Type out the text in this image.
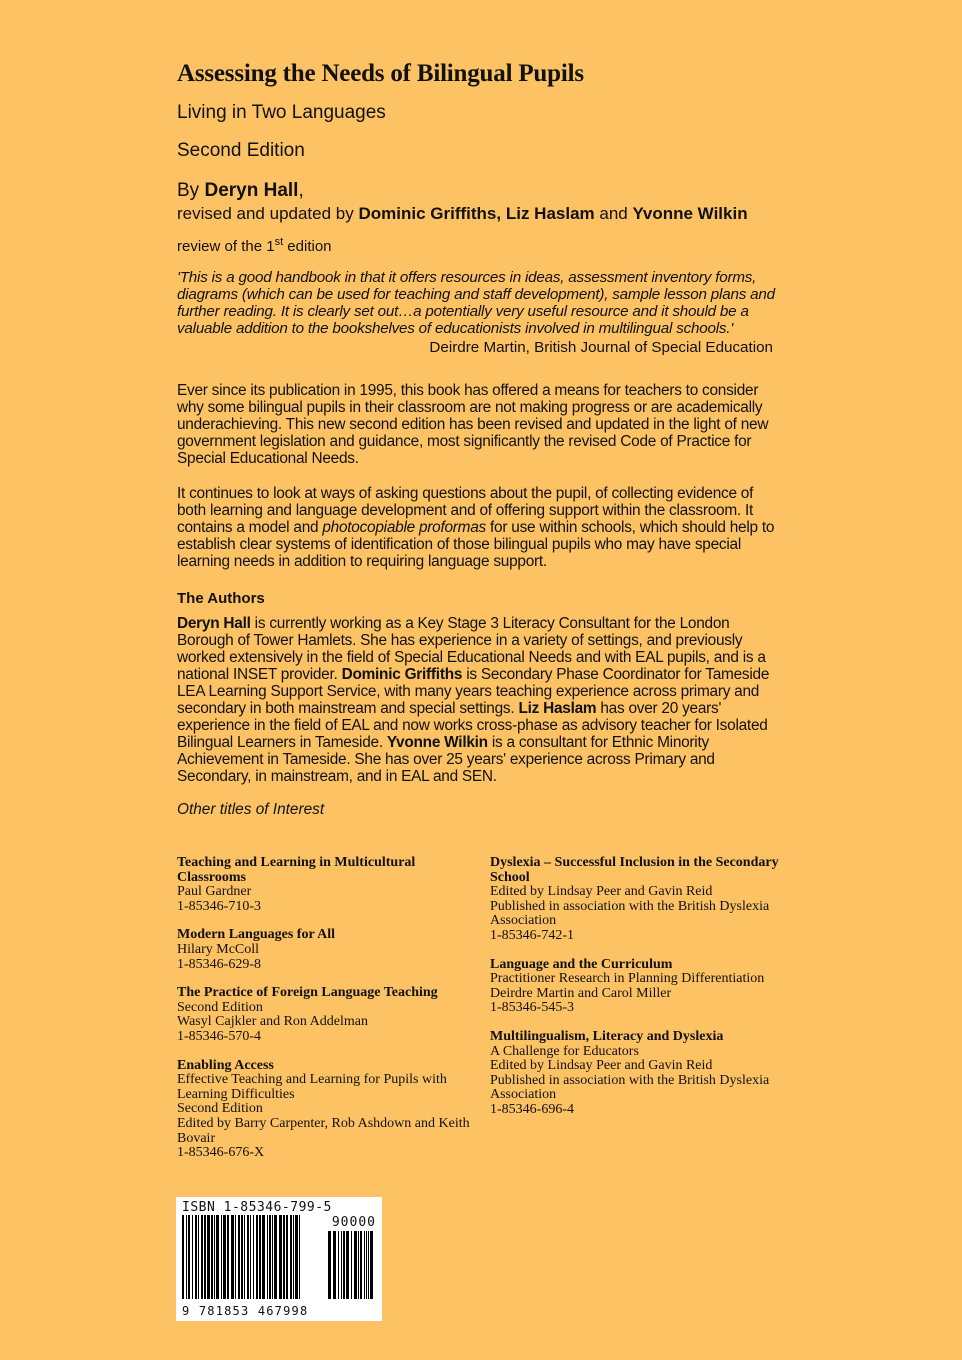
Assessing the Needs of Bilingual Pupils

Living in Two Languages

Second Edition

By Deryn Hall,

revised and updated by Dominic Griffiths, Liz Haslam and Yvonne Wilkin

review of the 1st edition

'This is a good handbook in that it offers resources in ideas, assessment inventory forms, diagrams (which can be used for teaching and staff development), sample lesson plans and further reading. It is clearly set out…a potentially very useful resource and it should be a valuable addition to the bookshelves of educationists involved in multilingual schools.'

Deirdre Martin, British Journal of Special Education

Ever since its publication in 1995, this book has offered a means for teachers to consider why some bilingual pupils in their classroom are not making progress or are academically underachieving. This new second edition has been revised and updated in the light of new government legislation and guidance, most significantly the revised Code of Practice for Special Educational Needs.

It continues to look at ways of asking questions about the pupil, of collecting evidence of both learning and language development and of offering support within the classroom. It contains a model and photocopiable proformas for use within schools, which should help to establish clear systems of identification of those bilingual pupils who may have special learning needs in addition to requiring language support.

The Authors

Deryn Hall is currently working as a Key Stage 3 Literacy Consultant for the London Borough of Tower Hamlets. She has experience in a variety of settings, and previously worked extensively in the field of Special Educational Needs and with EAL pupils, and is a national INSET provider. Dominic Griffiths is Secondary Phase Coordinator for Tameside LEA Learning Support Service, with many years teaching experience across primary and secondary in both mainstream and special settings. Liz Haslam has over 20 years' experience in the field of EAL and now works cross-phase as advisory teacher for Isolated Bilingual Learners in Tameside. Yvonne Wilkin is a consultant for Ethnic Minority Achievement in Tameside. She has over 25 years' experience across Primary and Secondary, in mainstream, and in EAL and SEN.

Other titles of Interest

Teaching and Learning in Multicultural Classrooms
Paul Gardner
1-85346-710-3
Modern Languages for All
Hilary McColl
1-85346-629-8
The Practice of Foreign Language Teaching
Second Edition
Wasyl Cajkler and Ron Addelman
1-85346-570-4
Enabling Access
Effective Teaching and Learning for Pupils with Learning Difficulties
Second Edition
Edited by Barry Carpenter, Rob Ashdown and Keith Bovair
1-85346-676-X
Dyslexia – Successful Inclusion in the Secondary School
Edited by Lindsay Peer and Gavin Reid
Published in association with the British Dyslexia Association
1-85346-742-1
Language and the Curriculum
Practitioner Research in Planning Differentiation
Deirdre Martin and Carol Miller
1-85346-545-3
Multilingualism, Literacy and Dyslexia
A Challenge for Educators
Edited by Lindsay Peer and Gavin Reid
Published in association with the British Dyslexia Association
1-85346-696-4

ISBN 1-85346-799-5

90000
9 781853 467998
